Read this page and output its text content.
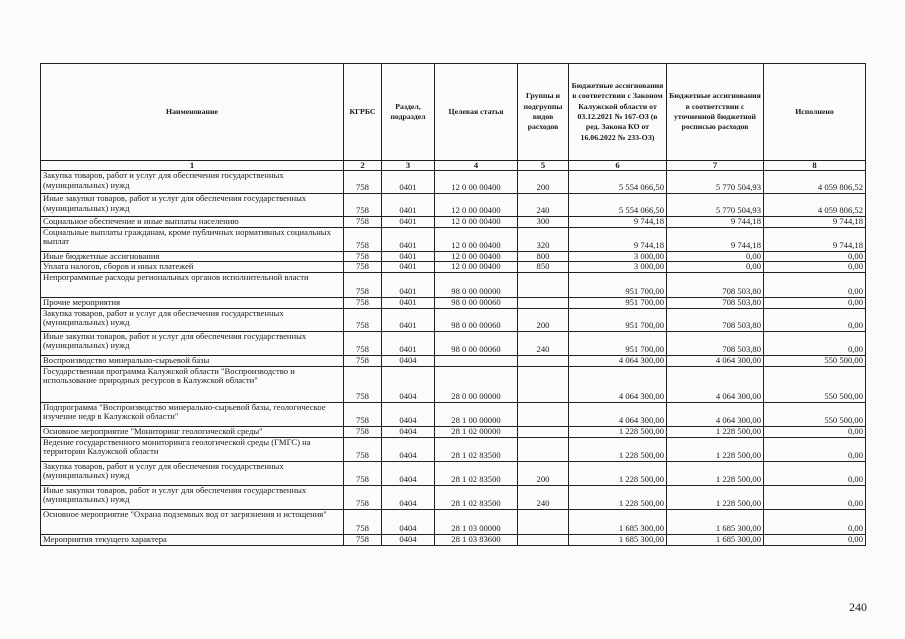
Наименование	КГРБС	Раздел, подраздел	Целевая статья	Группы и подгруппы видов расходов	Бюджетные ассигнования в соответствии с Законом Калужской области от 03.12.2021 № 167-ОЗ (в ред. Закона КО от 16.06.2022 № 233-ОЗ)	Бюджетные ассигнования в соответствии с уточненной бюджетной росписью расходов	Исполнено
1	2	3	4	5	6	7	8
Закупка товаров, работ и услуг для обеспечения государственных (муниципальных) нужд	758	0401	12 0 00 00400	200	5 554 066,50	5 770 504,93	4 059 806,52
Иные закупки товаров, работ и услуг для обеспечения государственных (муниципальных) нужд	758	0401	12 0 00 00400	240	5 554 066,50	5 770 504,93	4 059 806,52
Социальное обеспечение и иные выплаты населению	758	0401	12 0 00 00400	300	9 744,18	9 744,18	9 744,18
Социальные выплаты гражданам, кроме публичных нормативных социальных выплат	758	0401	12 0 00 00400	320	9 744,18	9 744,18	9 744,18
Иные бюджетные ассигнования	758	0401	12 0 00 00400	800	3 000,00	0,00	0,00
Уплата налогов, сборов и иных платежей	758	0401	12 0 00 00400	850	3 000,00	0,00	0,00
Непрограммные расходы региональных органов исполнительной власти	758	0401	98 0 00 00000		951 700,00	708 503,80	0,00
Прочие мероприятия	758	0401	98 0 00 00060		951 700,00	708 503,80	0,00
Закупка товаров, работ и услуг для обеспечения государственных (муниципальных) нужд	758	0401	98 0 00 00060	200	951 700,00	708 503,80	0,00
Иные закупки товаров, работ и услуг для обеспечения государственных (муниципальных) нужд	758	0401	98 0 00 00060	240	951 700,00	708 503,80	0,00
Воспроизводство минерально-сырьевой базы	758	0404			4 064 300,00	4 064 300,00	550 500,00
Государственная программа Калужской области "Воспроизводство и использование природных ресурсов в Калужской области"	758	0404	28 0 00 00000		4 064 300,00	4 064 300,00	550 500,00
Подпрограмма "Воспроизводство минерально-сырьевой базы, геологическое изучение недр в Калужской области"	758	0404	28 1 00 00000		4 064 300,00	4 064 300,00	550 500,00
Основное мероприятие "Мониторинг геологической среды"	758	0404	28 1 02 00000		1 228 500,00	1 228 500,00	0,00
Ведение государственного мониторинга геологической среды (ГМГС) на территории Калужской области	758	0404	28 1 02 83500		1 228 500,00	1 228 500,00	0,00
Закупка товаров, работ и услуг для обеспечения государственных (муниципальных) нужд	758	0404	28 1 02 83500	200	1 228 500,00	1 228 500,00	0,00
Иные закупки товаров, работ и услуг для обеспечения государственных (муниципальных) нужд	758	0404	28 1 02 83500	240	1 228 500,00	1 228 500,00	0,00
Основное мероприятие "Охрана подземных вод от загрязнения и истощения"	758	0404	28 1 03 00000		1 685 300,00	1 685 300,00	0,00
Мероприятия текущего характера	758	0404	28 1 03 83600		1 685 300,00	1 685 300,00	0,00
240
